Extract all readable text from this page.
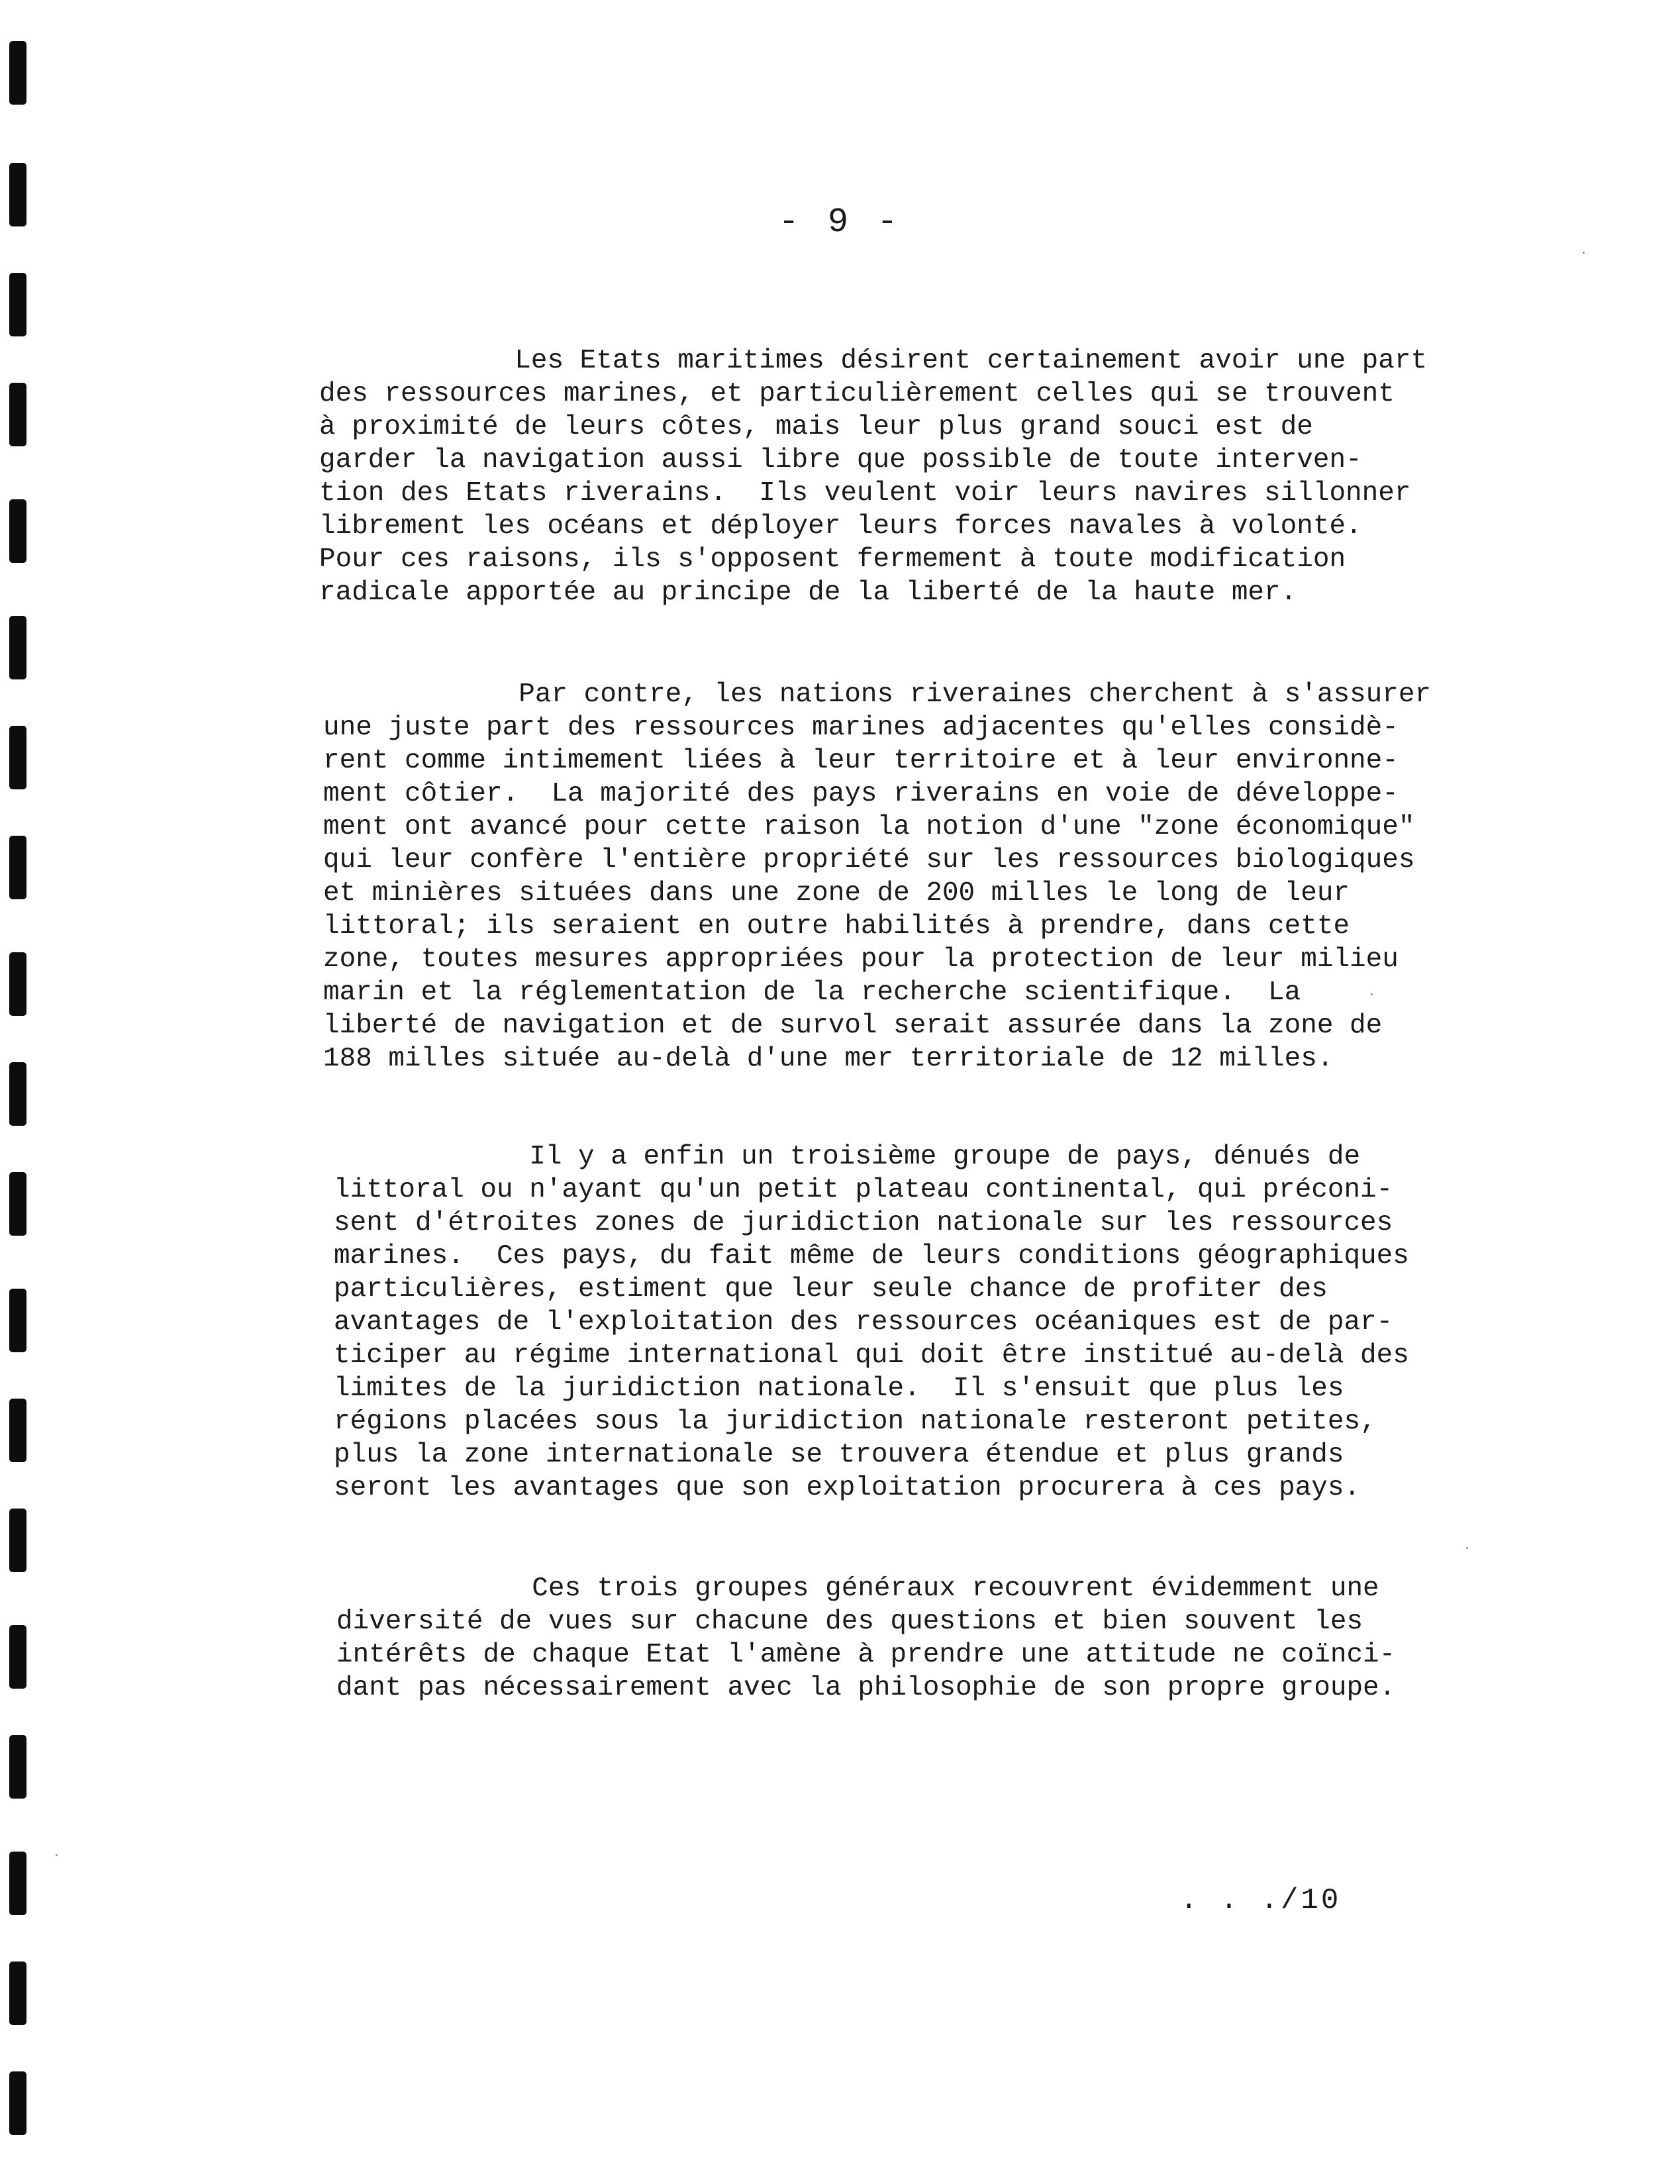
- 9 -

Les Etats maritimes désirent certainement avoir une part
des ressources marines, et particulièrement celles qui se trouvent
à proximité de leurs côtes, mais leur plus grand souci est de
garder la navigation aussi libre que possible de toute interven-
tion des Etats riverains.  Ils veulent voir leurs navires sillonner
librement les océans et déployer leurs forces navales à volonté.
Pour ces raisons, ils s'opposent fermement à toute modification
radicale apportée au principe de la liberté de la haute mer.

Par contre, les nations riveraines cherchent à s'assurer
une juste part des ressources marines adjacentes qu'elles considè-
rent comme intimement liées à leur territoire et à leur environne-
ment côtier.  La majorité des pays riverains en voie de développe-
ment ont avancé pour cette raison la notion d'une "zone économique"
qui leur confère l'entière propriété sur les ressources biologiques
et minières situées dans une zone de 200 milles le long de leur
littoral; ils seraient en outre habilités à prendre, dans cette
zone, toutes mesures appropriées pour la protection de leur milieu
marin et la réglementation de la recherche scientifique.  La
liberté de navigation et de survol serait assurée dans la zone de
188 milles située au-delà d'une mer territoriale de 12 milles.

Il y a enfin un troisième groupe de pays, dénués de
littoral ou n'ayant qu'un petit plateau continental, qui préconi-
sent d'étroites zones de juridiction nationale sur les ressources
marines.  Ces pays, du fait même de leurs conditions géographiques
particulières, estiment que leur seule chance de profiter des
avantages de l'exploitation des ressources océaniques est de par-
ticiper au régime international qui doit être institué au-delà des
limites de la juridiction nationale.  Il s'ensuit que plus les
régions placées sous la juridiction nationale resteront petites,
plus la zone internationale se trouvera étendue et plus grands
seront les avantages que son exploitation procurera à ces pays.

Ces trois groupes généraux recouvrent évidemment une
diversité de vues sur chacune des questions et bien souvent les
intérêts de chaque Etat l'amène à prendre une attitude ne coïnci-
dant pas nécessairement avec la philosophie de son propre groupe.

. . ./10
